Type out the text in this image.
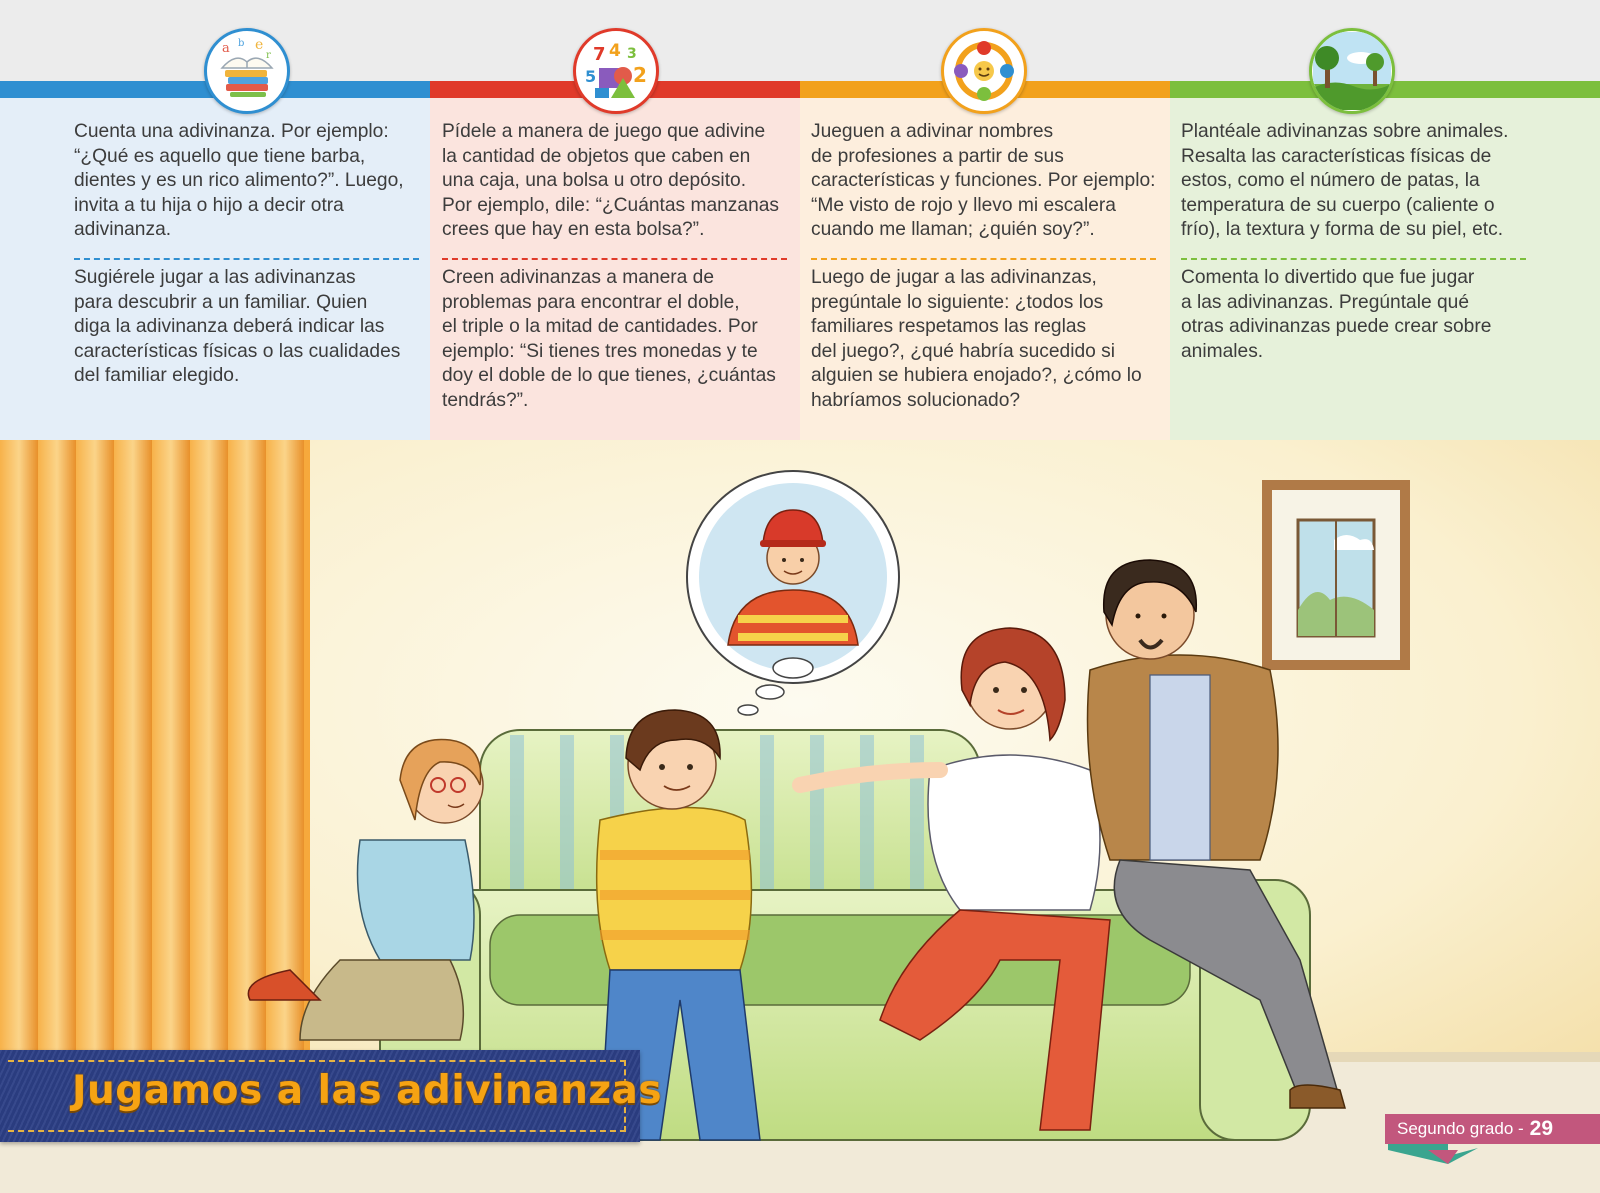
a e
b
r	7 4 3
5 2
Cuenta una adivinanza. Por ejemplo:
“¿Qué es aquello que tiene barba,
dientes y es un rico alimento?”. Luego,
invita a tu hija o hijo a decir otra
adivinanza.
Sugiérele jugar a las adivinanzas
para descubrir a un familiar. Quien
diga la adivinanza deberá indicar las
características físicas o las cualidades
del familiar elegido.
Pídele a manera de juego que adivine
la cantidad de objetos que caben en
una caja, una bolsa u otro depósito.
Por ejemplo, dile: “¿Cuántas manzanas
crees que hay en esta bolsa?”.
Creen adivinanzas a manera de
problemas para encontrar el doble,
el triple o la mitad de cantidades. Por
ejemplo: “Si tienes tres monedas y te
doy el doble de lo que tienes, ¿cuántas
tendrás?”.
Jueguen a adivinar nombres
de profesiones a partir de sus
características y funciones. Por ejemplo:
“Me visto de rojo y llevo mi escalera
cuando me llaman; ¿quién soy?”.
Luego de jugar a las adivinanzas,
pregúntale lo siguiente: ¿todos los
familiares respetamos las reglas
del juego?, ¿qué habría sucedido si
alguien se hubiera enojado?, ¿cómo lo
habríamos solucionado?
Plantéale adivinanzas sobre animales.
Resalta las características físicas de
estos, como el número de patas, la
temperatura de su cuerpo (caliente o
frío), la textura y forma de su piel, etc.
Comenta lo divertido que fue jugar
a las adivinanzas. Pregúntale qué
otras adivinanzas puede crear sobre
animales.
Jugamos a las adivinanzas
Segundo grado - 29
